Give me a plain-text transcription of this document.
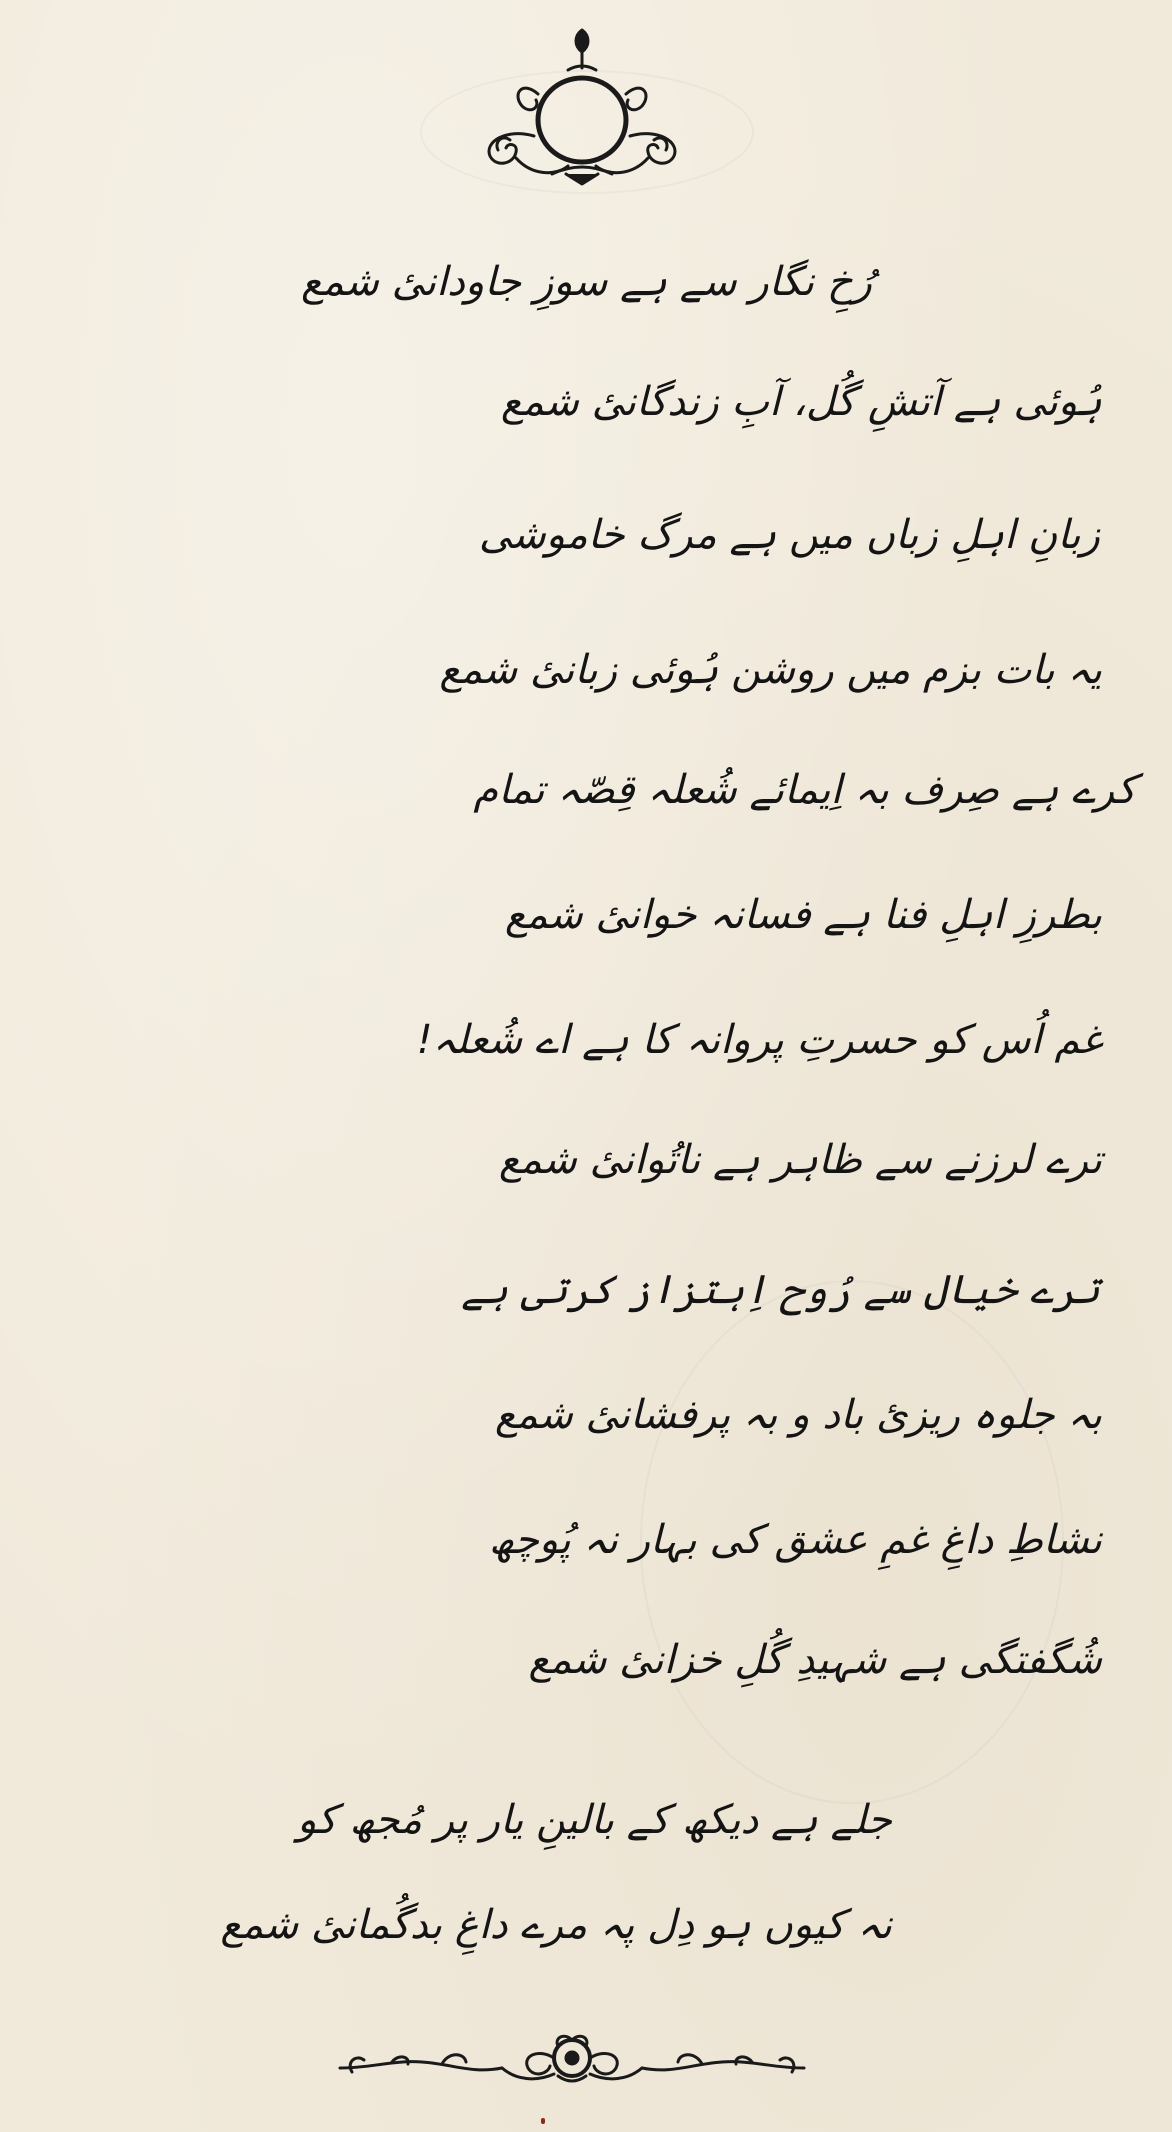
رُخِ نگار سے ہے سوزِ جاودانیٔ شمع
ہُوئی ہے آتشِ گُل، آبِ زندگانیٔ شمع
زبانِ اہلِ زباں میں ہے مرگ خاموشی
یہ بات بزم میں روشن ہُوئی زبانیٔ شمع
کرے ہے صِرف بہ اِیمائے شُعلہ قِصّہ تمام
بطرزِ اہلِ فنا ہے فسانہ خوانیٔ شمع
غم اُس کو حسرتِ پروانہ کا ہے اے شُعلہ!
ترے لرزنے سے ظاہر ہے ناتُوانیٔ شمع
ترے خیال سے رُوح اِہتزاز کرتی ہے
بہ جلوہ ریزیٔ باد و بہ پرفشانیٔ شمع
نشاطِ داغِ غمِ عشق کی بہار نہ پُوچھ
شُگفتگی ہے شہیدِ گُلِ خزانیٔ شمع
جلے ہے دیکھ کے بالینِ یار پر مُجھ کو
نہ کیوں ہو دِل پہ مرے داغِ بدگُمانیٔ شمع
